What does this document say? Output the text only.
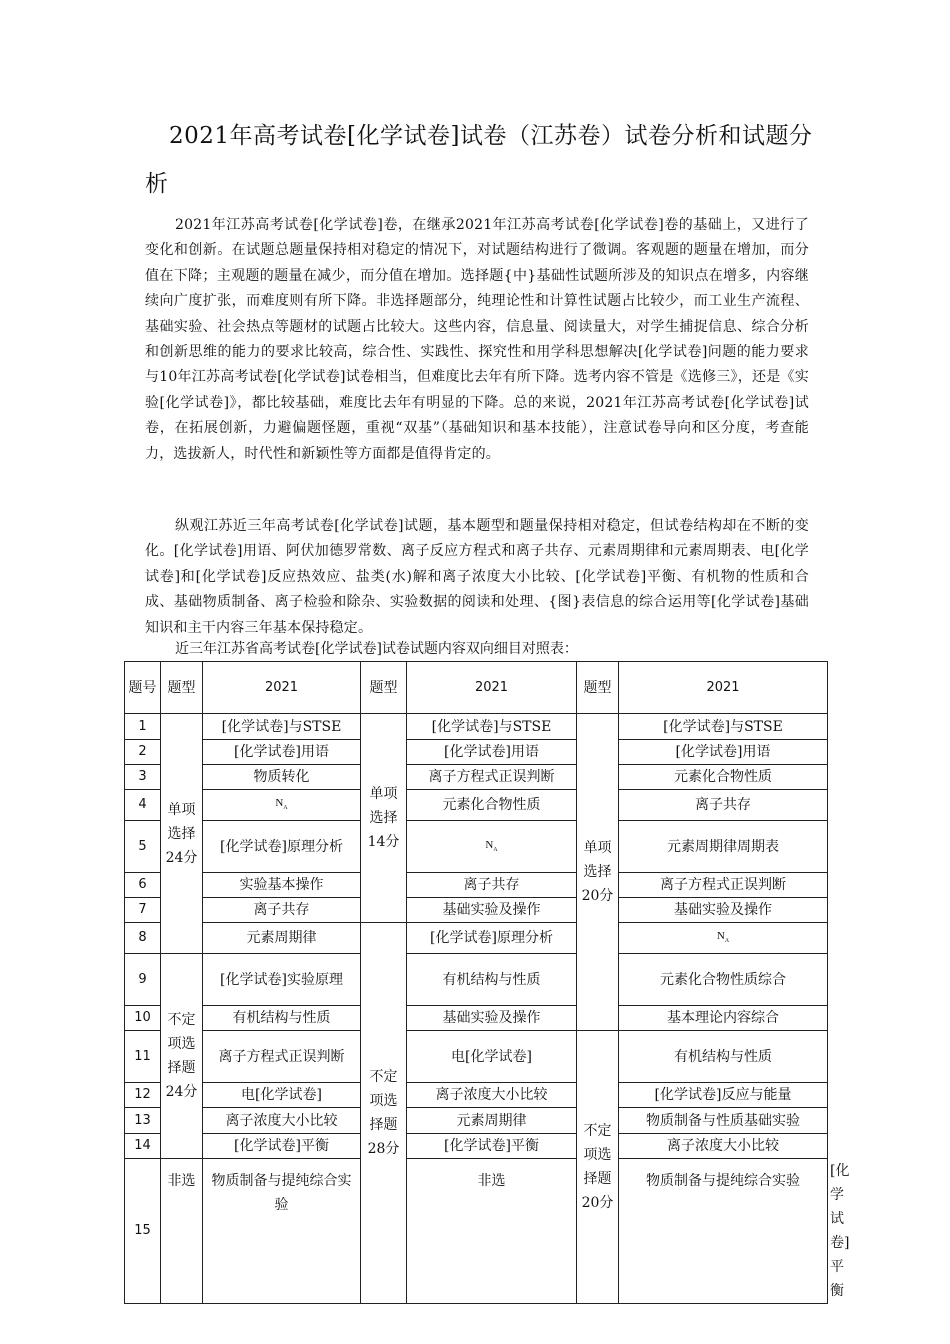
2021年高考试卷[化学试卷]试卷（江苏卷）试卷分析和试题分析

2021年江苏高考试卷[化学试卷]卷，在继承2021年江苏高考试卷[化学试卷]卷的基础上，又进行了变化和创新。在试题总题量保持相对稳定的情况下，对试题结构进行了微调。客观题的题量在增加，而分值在下降；主观题的题量在减少，而分值在增加。选择题{中}基础性试题所涉及的知识点在增多，内容继续向广度扩张，而难度则有所下降。非选择题部分，纯理论性和计算性试题占比较少，而工业生产流程、基础实验、社会热点等题材的试题占比较大。这些内容，信息量、阅读量大，对学生捕捉信息、综合分析和创新思维的能力的要求比较高，综合性、实践性、探究性和用学科思想解决[化学试卷]问题的能力要求与10年江苏高考试卷[化学试卷]试卷相当，但难度比去年有所下降。选考内容不管是《选修三》，还是《实验[化学试卷]》，都比较基础，难度比去年有明显的下降。总的来说，2021年江苏高考试卷[化学试卷]试卷，在拓展创新，力避偏题怪题，重视“双基”（基础知识和基本技能），注意试卷导向和区分度，考查能力，选拔新人，时代性和新颖性等方面都是值得肯定的。

纵观江苏近三年高考试卷[化学试卷]试题，基本题型和题量保持相对稳定，但试卷结构却在不断的变化。[化学试卷]用语、阿伏加德罗常数、离子反应方程式和离子共存、元素周期律和元素周期表、电[化学试卷]和[化学试卷]反应热效应、盐类(水)解和离子浓度大小比较、[化学试卷]平衡、有机物的性质和合成、基础物质制备、离子检验和除杂、实验数据的阅读和处理、{图}表信息的综合运用等[化学试卷]基础知识和主干内容三年基本保持稳定。

近三年江苏省高考试卷[化学试卷]试卷试题内容双向细目对照表：
题号	题型	2021	题型	2021	题型	2021	
1	单项选择24分	[化学试卷]与STSE	单项选择14分	[化学试卷]与STSE	单项选择20分	[化学试卷]与STSE	
2		[化学试卷]用语		[化学试卷]用语		[化学试卷]用语	
3		物质转化		离子方程式正误判断		元素化合物性质	
4		$N_A$		元素化合物性质		离子共存	
5		[化学试卷]原理分析		$N_A$		元素周期律周期表	
6		实验基本操作		离子共存		离子方程式正误判断	
7		离子共存		基础实验及操作		基础实验及操作	
8		元素周期律	不定项选择题28分	[化学试卷]原理分析		$N_A$
9	不定项选择题24分	[化学试卷]实验原理		有机结构与性质		元素化合物性质综合	
10		有机结构与性质		基础实验及操作		基本理论内容综合	
11		离子方程式正误判断		电[化学试卷]	不定项选择题20分	有机结构与性质	
12		电[化学试卷]		离子浓度大小比较		[化学试卷]反应与能量	
13		离子浓度大小比较		元素周期律		物质制备与性质基础实验	
14		[化学试卷]平衡		[化学试卷]平衡		离子浓度大小比较	
15	非选	物质制备与提纯综合实验		非选		物质制备与提纯综合实验	[化学试卷]平衡
